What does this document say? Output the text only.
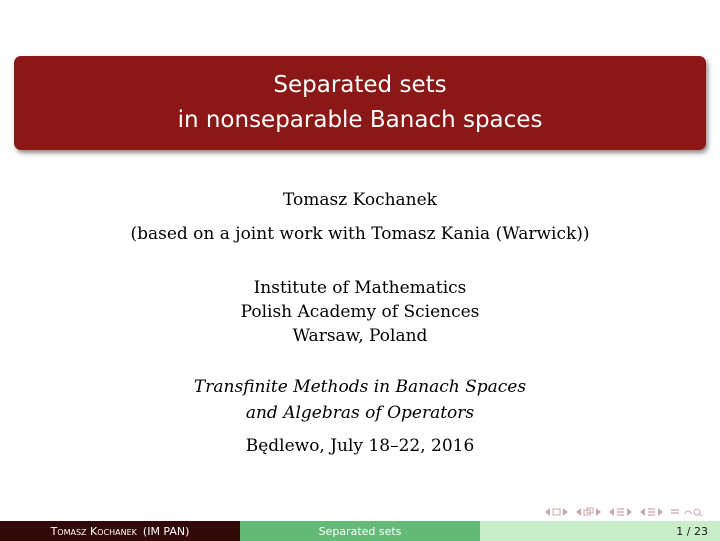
Separated sets
in nonseparable Banach spaces
Tomasz Kochanek
(based on a joint work with Tomasz Kania (Warwick))
Institute of Mathematics
Polish Academy of Sciences
Warsaw, Poland
Transfinite Methods in Banach Spaces
and Algebras of Operators
Będlewo, July 18–22, 2016
Tomasz Kochanek (IM PAN)	Separated sets	1 / 23
